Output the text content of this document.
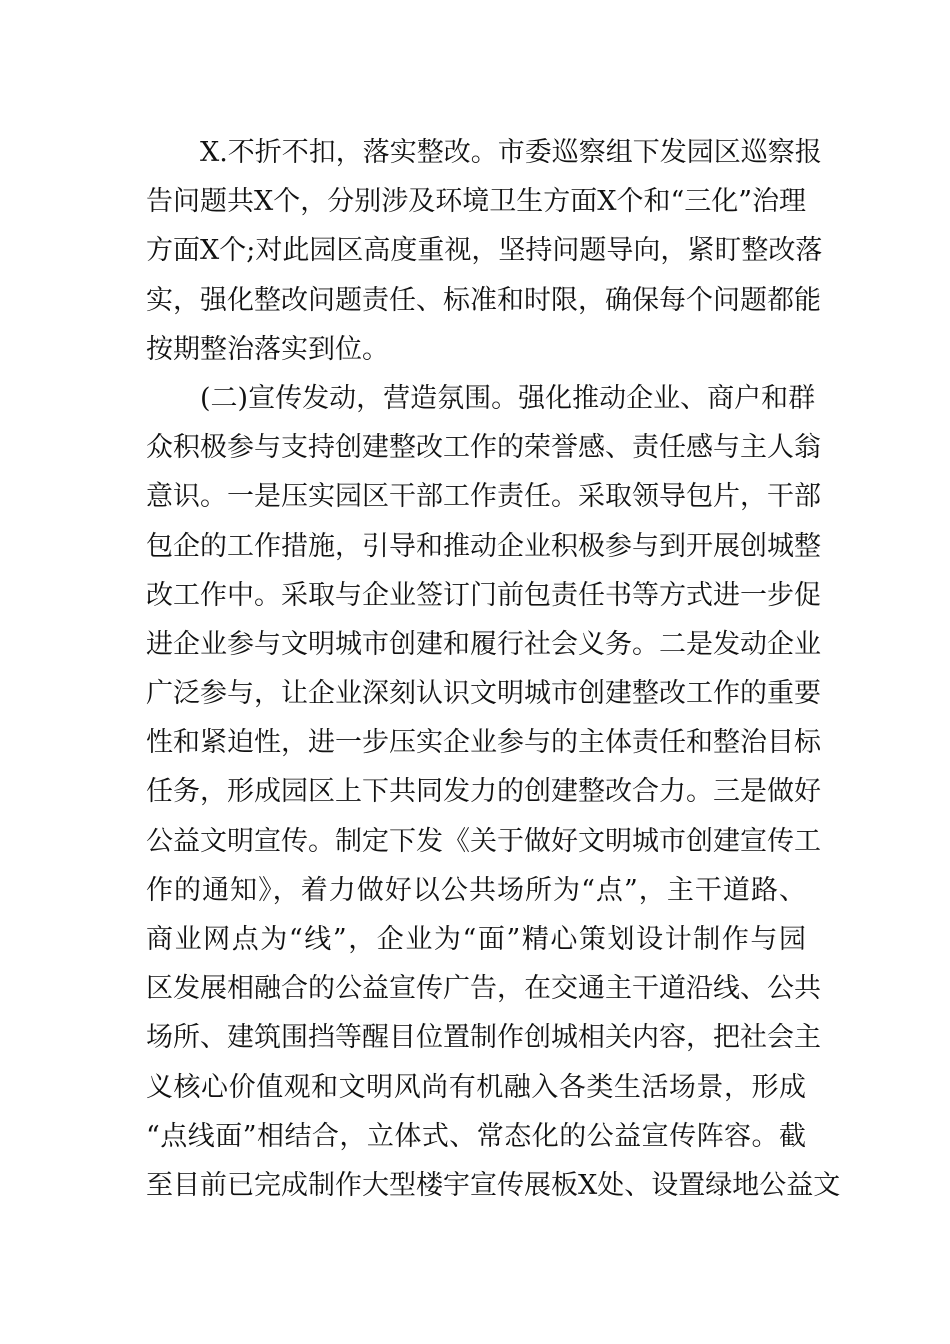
X.不折不扣，落实整改。市委巡察组下发园区巡察报
告问题共X个，分别涉及环境卫生方面X个和“三化”治理
方面X个;对此园区高度重视，坚持问题导向，紧盯整改落
实，强化整改问题责任、标准和时限，确保每个问题都能
按期整治落实到位。
(二)宣传发动，营造氛围。强化推动企业、商户和群
众积极参与支持创建整改工作的荣誉感、责任感与主人翁
意识。一是压实园区干部工作责任。采取领导包片，干部
包企的工作措施，引导和推动企业积极参与到开展创城整
改工作中。采取与企业签订门前包责任书等方式进一步促
进企业参与文明城市创建和履行社会义务。二是发动企业
广泛参与，让企业深刻认识文明城市创建整改工作的重要
性和紧迫性，进一步压实企业参与的主体责任和整治目标
任务，形成园区上下共同发力的创建整改合力。三是做好
公益文明宣传。制定下发《关于做好文明城市创建宣传工
作的通知》，着力做好以公共场所为“点”，主干道路、
商业网点为“线”，企业为“面”精心策划设计制作与园
区发展相融合的公益宣传广告，在交通主干道沿线、公共
场所、建筑围挡等醒目位置制作创城相关内容，把社会主
义核心价值观和文明风尚有机融入各类生活场景，形成
“点线面”相结合，立体式、常态化的公益宣传阵容。截
至目前已完成制作大型楼宇宣传展板X处、设置绿地公益文
